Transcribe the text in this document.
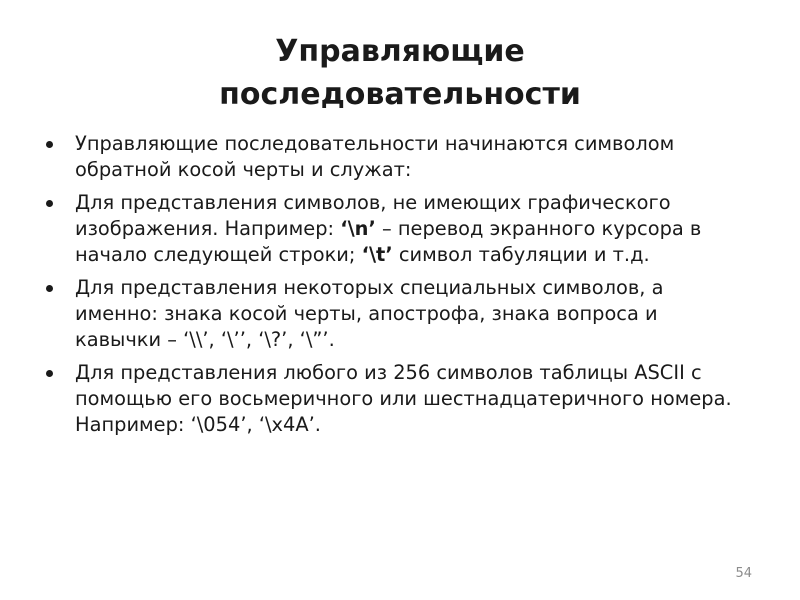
Управляющие
последовательности
Управляющие последовательности начинаются символом обратной косой черты и служат:
Для представления символов, не имеющих графического изображения. Например: ‘\n’ – перевод экранного курсора в начало следующей строки; ‘\t’ символ табуляции и т.д.
Для представления некоторых специальных символов, а именно: знака косой черты, апострофа, знака вопроса и кавычки – ‘\\’, ‘\’’, ‘\?’, ‘\”’.
Для представления любого из 256 символов таблицы ASCII с помощью его восьмеричного или шестнадцатеричного номера. Например: ‘\054’, ‘\x4A’.
54
